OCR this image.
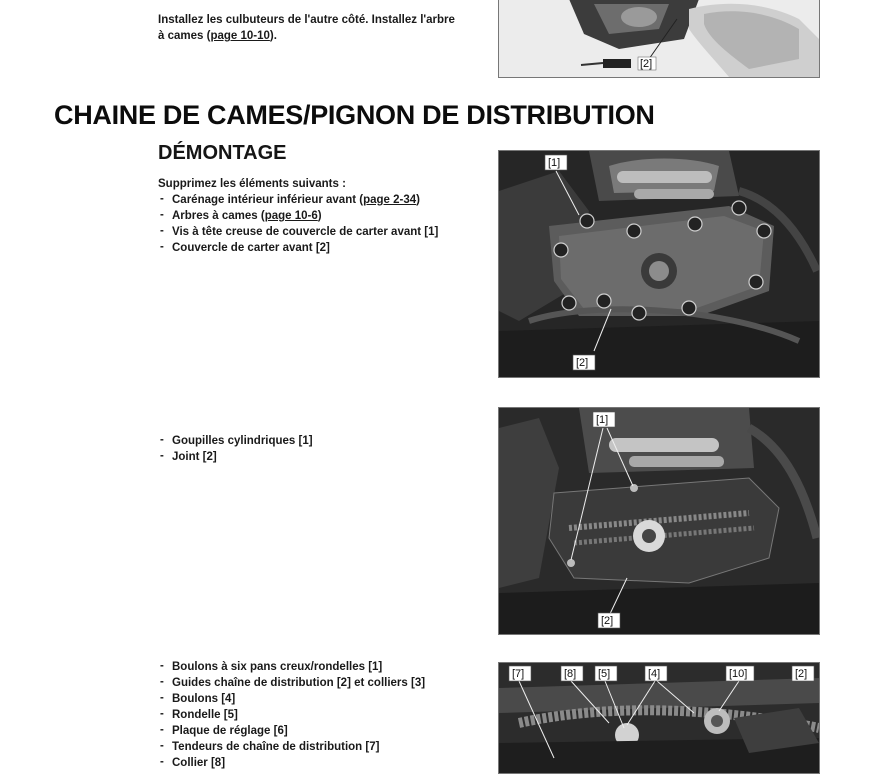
Installez les culbuteurs de l'autre côté. Installez l'arbre
à cames (page 10-10).
[2]
CHAINE DE CAMES/PIGNON DE DISTRIBUTION
DÉMONTAGE
Supprimez les éléments suivants :
- Carénage intérieur inférieur avant (page 2-34)
- Arbres à cames (page 10-6)
- Vis à tête creuse de couvercle de carter avant [1]
- Couvercle de carter avant [2]
[1]
[2]
- Goupilles cylindriques [1]
- Joint [2]
[1]
[2]
- Boulons à six pans creux/rondelles [1]
- Guides chaîne de distribution [2] et colliers [3]
- Boulons [4]
- Rondelle [5]
- Plaque de réglage [6]
- Tendeurs de chaîne de distribution [7]
- Collier [8]
[7]	[8] [5]	[4]	[10]	[2]
